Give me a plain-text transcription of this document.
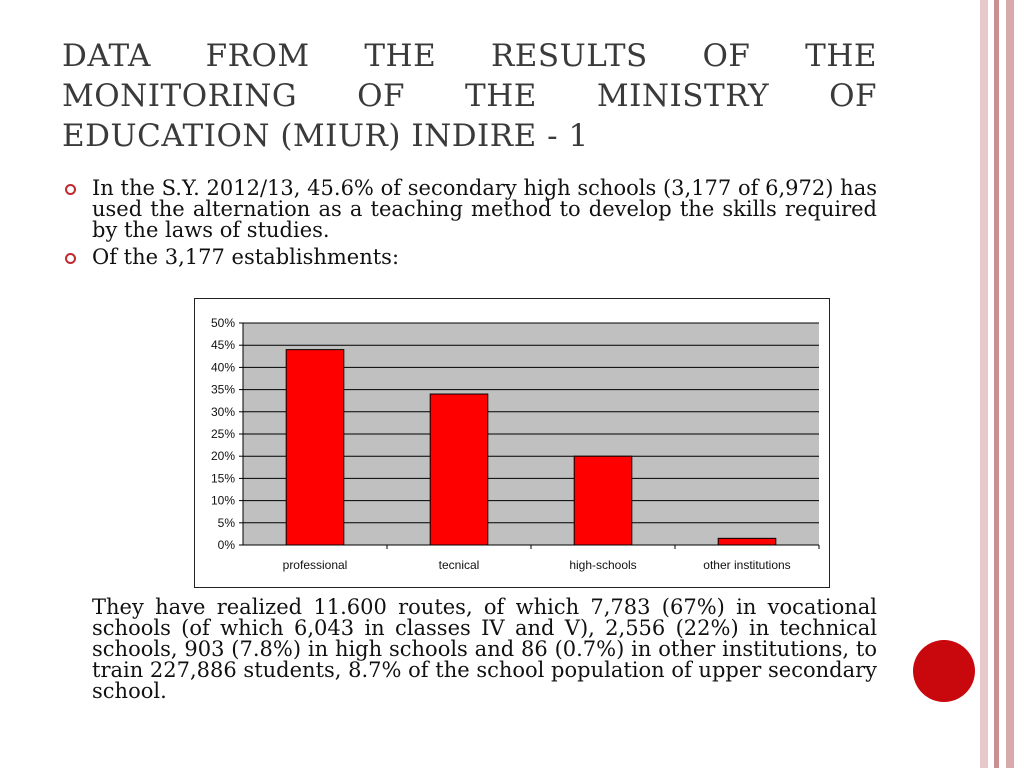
DATA FROM THE RESULTS OF THE
MONITORING OF THE MINISTRY OF
EDUCATION (MIUR) INDIRE - 1
In the S.Y. 2012/13, 45.6% of secondary high schools (3,177 of 6,972) has used the alternation as a teaching method to develop the skills required by the laws of studies.
Of the 3,177 establishments:
0%
5%
10%
15%
20%
25%
30%
35%
40%
45%
50%
professional	tecnical	high-schools	other institutions
They have realized 11.600 routes, of which 7,783 (67%) in vocational schools (of which 6,043 in classes IV and V), 2,556 (22%) in technical schools, 903 (7.8%) in high schools and 86 (0.7%) in other institutions, to train 227,886 students, 8.7% of the school population of upper secondary school.
